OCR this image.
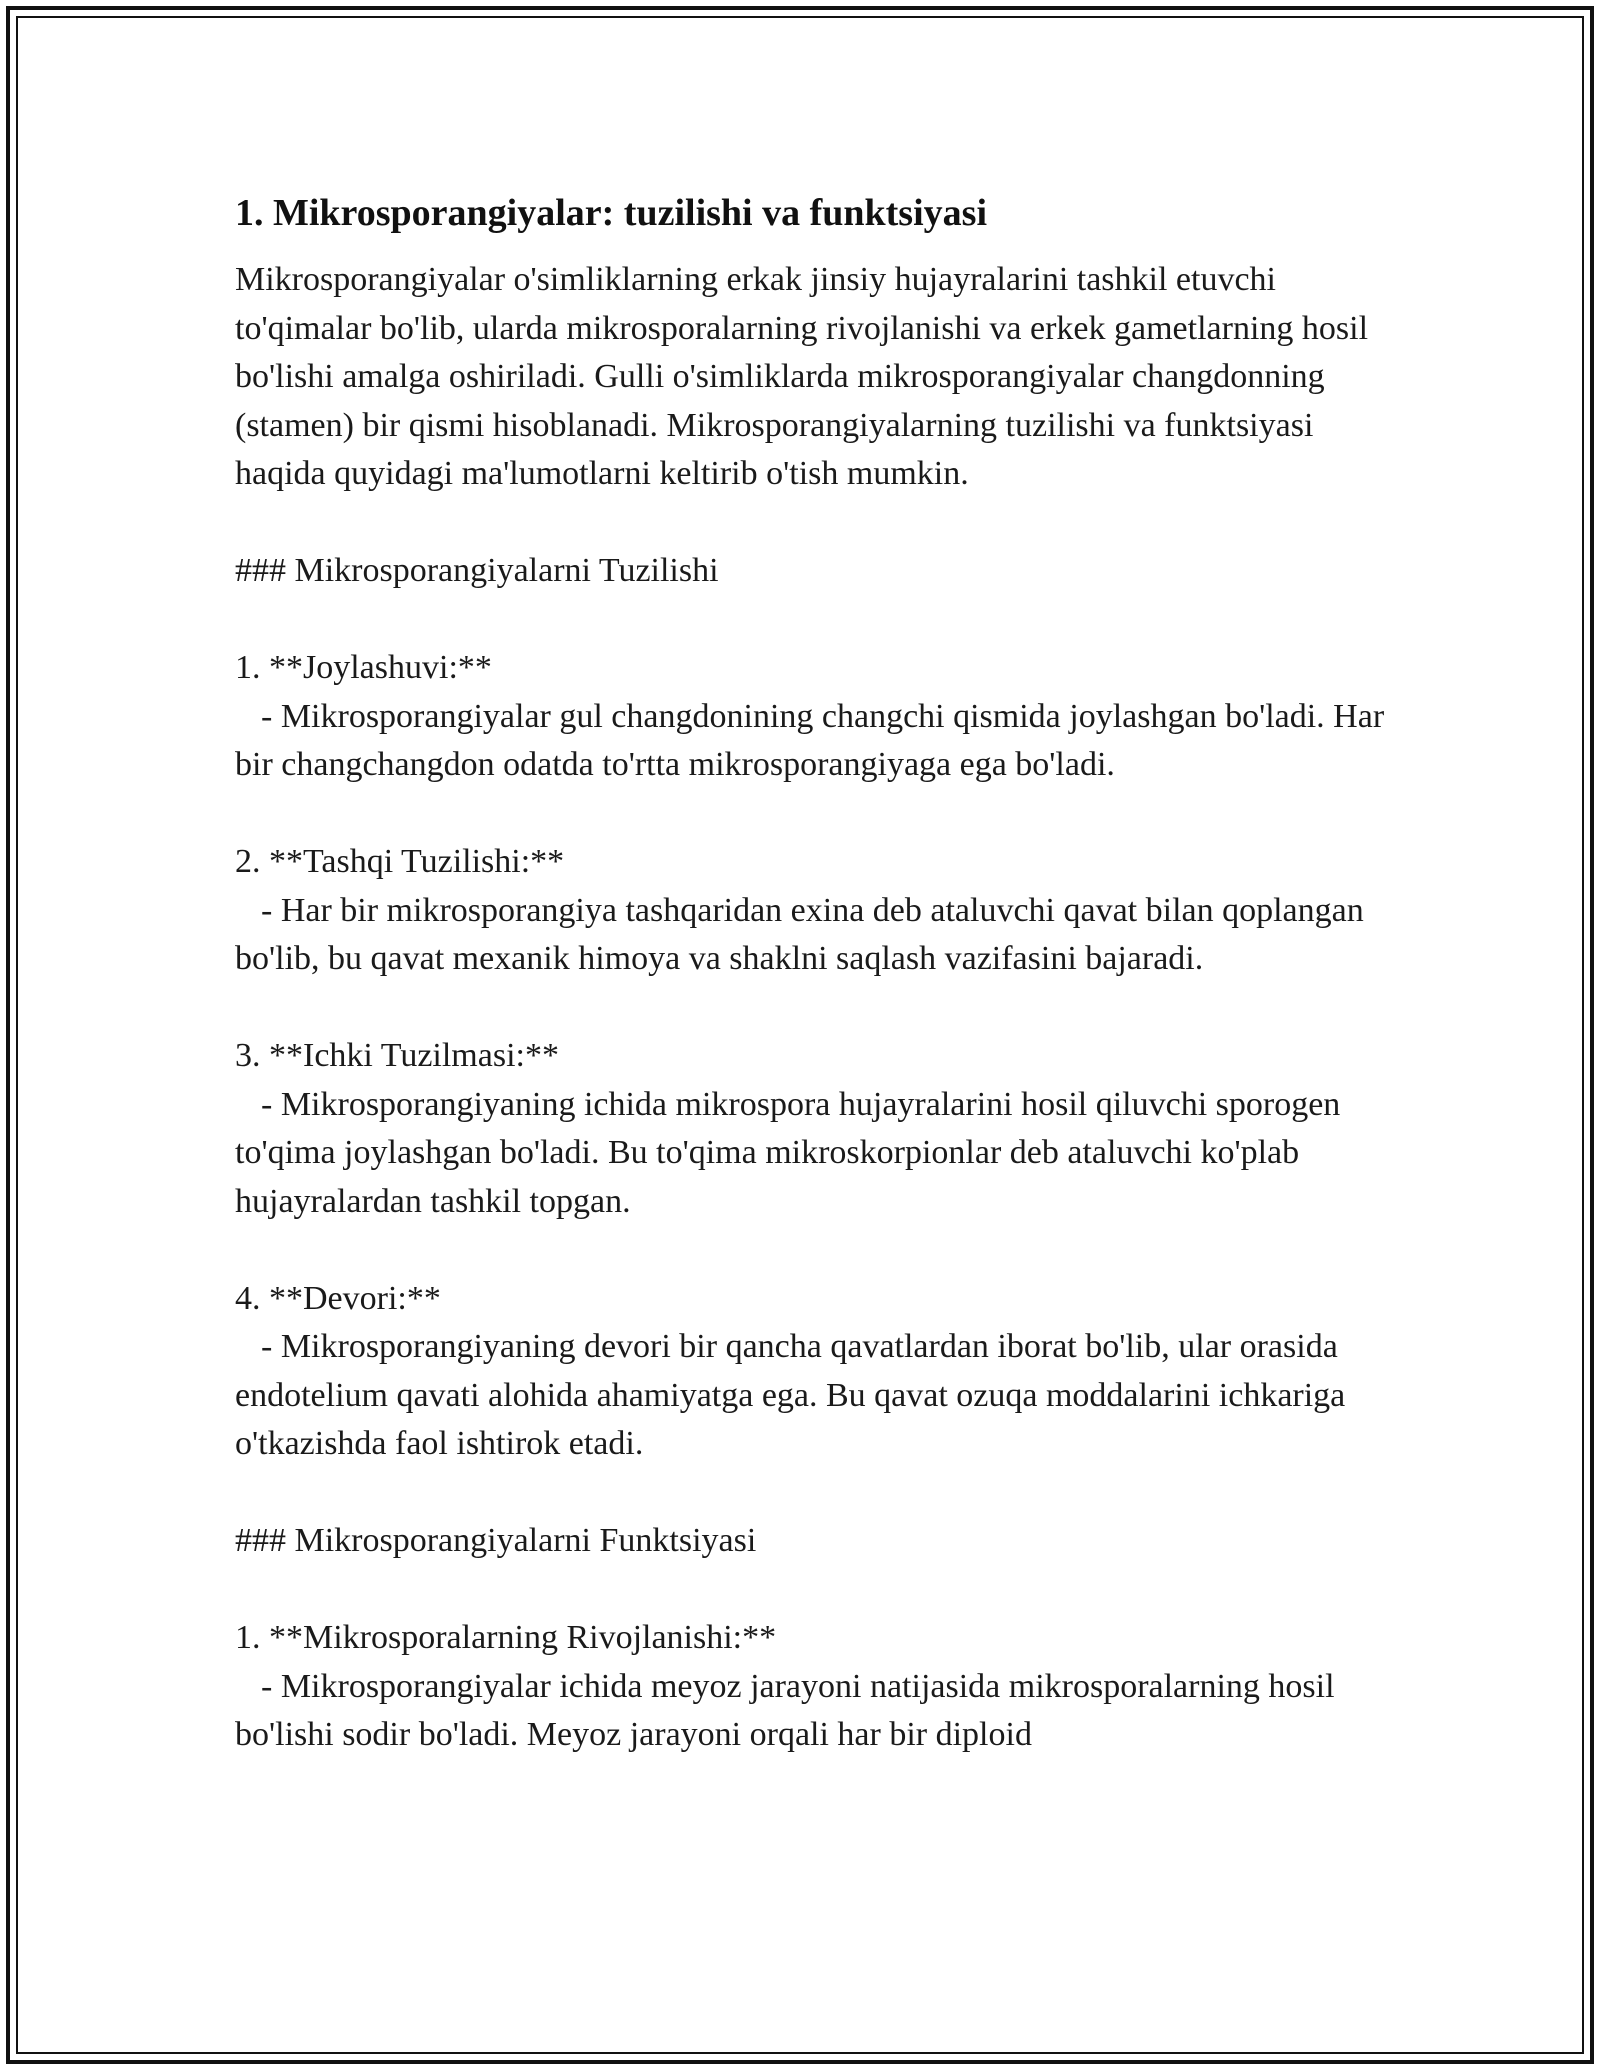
1. Mikrosporangiyalar: tuzilishi va funktsiyasi

Mikrosporangiyalar o'simliklarning erkak jinsiy hujayralarini tashkil etuvchi to'qimalar bo'lib, ularda mikrosporalarning rivojlanishi va erkek gametlarning hosil bo'lishi amalga oshiriladi. Gulli o'simliklarda mikrosporangiyalar changdonning (stamen) bir qismi hisoblanadi. Mikrosporangiyalarning tuzilishi va funktsiyasi haqida quyidagi ma'lumotlarni keltirib o'tish mumkin.

### Mikrosporangiyalarni Tuzilishi

1. **Joylashuvi:**

- Mikrosporangiyalar gul changdonining changchi qismida joylashgan bo'ladi. Har bir changchangdon odatda to'rtta mikrosporangiyaga ega bo'ladi.

2. **Tashqi Tuzilishi:**

- Har bir mikrosporangiya tashqaridan exina deb ataluvchi qavat bilan qoplangan bo'lib, bu qavat mexanik himoya va shaklni saqlash vazifasini bajaradi.

3. **Ichki Tuzilmasi:**

- Mikrosporangiyaning ichida mikrospora hujayralarini hosil qiluvchi sporogen to'qima joylashgan bo'ladi. Bu to'qima mikroskorpionlar deb ataluvchi ko'plab hujayralardan tashkil topgan.

4. **Devori:**

- Mikrosporangiyaning devori bir qancha qavatlardan iborat bo'lib, ular orasida endotelium qavati alohida ahamiyatga ega. Bu qavat ozuqa moddalarini ichkariga o'tkazishda faol ishtirok etadi.

### Mikrosporangiyalarni Funktsiyasi

1. **Mikrosporalarning Rivojlanishi:**

- Mikrosporangiyalar ichida meyoz jarayoni natijasida mikrosporalarning hosil bo'lishi sodir bo'ladi. Meyoz jarayoni orqali har bir diploid
